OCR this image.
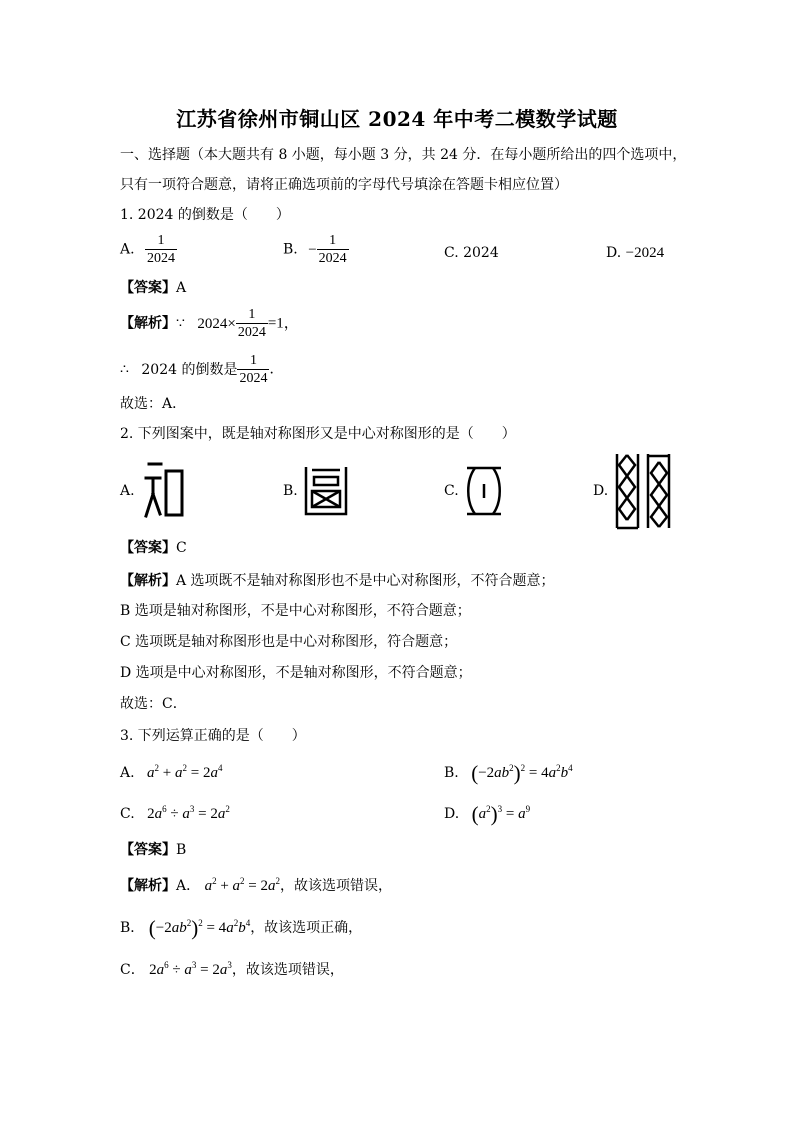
江苏省徐州市铜山区 2024 年中考二模数学试题
一、选择题（本大题共有 8 小题，每小题 3 分，共 24 分．在每小题所给出的四个选项中，
只有一项符合题意，请将正确选项前的字母代号填涂在答题卡相应位置）
1. 2024 的倒数是（　　）
A. $\frac{1}{2024}$	B. − $\frac{1}{2024}$	C. 2024	D. −2024
【答案】A
【解析】∵ $2024\times \frac{1}{2024} =1$，
∴ 2024 的倒数是 $\frac{1}{2024}$ ．
故选：A．
2. 下列图案中，既是轴对称图形又是中心对称图形的是（　　）
A.	B.	C.	D.
【答案】C
【解析】A 选项既不是轴对称图形也不是中心对称图形，不符合题意；
B 选项是轴对称图形，不是中心对称图形，不符合题意；
C 选项既是轴对称图形也是中心对称图形，符合题意；
D 选项是中心对称图形，不是轴对称图形，不符合题意；
故选：C．
3. 下列运算正确的是（　　）
A. $a^2 + a^2 = 2a^4$	B. $(-2ab^2)^2 = 4a^2b^4$
C. $2a^6 \div a^3 = 2a^2$	D. $(a^2)^3 = a^9$
【答案】B
【解析】A． $a^2 + a^2 = 2a^2$，故该选项错误，
B． $(-2ab^2)^2 = 4a^2b^4$，故该选项正确，
C． $2a^6 \div a^3 = 2a^3$，故该选项错误，
